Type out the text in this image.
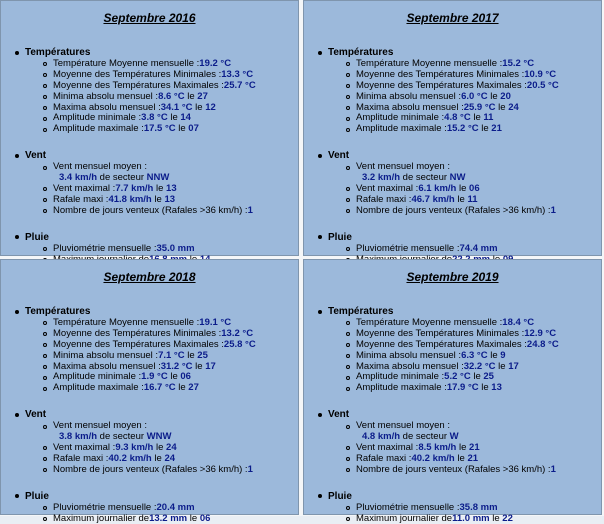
Septembre 2016
Températures
Température Moyenne mensuelle : 19.2 °C
Moyenne des Températures Minimales : 13.3 °C
Moyenne des Températures Maximales : 25.7 °C
Minima absolu mensuel : 8.6 °C le 27
Maxima absolu mensuel : 34.1 °C le 12
Amplitude minimale : 3.8 °C le 14
Amplitude maximale : 17.5 °C le 07
Vent
Vent mensuel moyen :
3.4 km/h de secteur NNW
Vent maximal : 7.7 km/h le 13
Rafale maxi : 41.8 km/h le 13
Nombre de jours venteux (Rafales >36 km/h) : 1
Pluie
Pluviométrie mensuelle : 35.0 mm
Septembre 2017
Températures
Température Moyenne mensuelle : 15.2 °C
Moyenne des Températures Minimales : 10.9 °C
Moyenne des Températures Maximales : 20.5 °C
Minima absolu mensuel : 6.0 °C le 20
Maxima absolu mensuel : 25.9 °C le 24
Amplitude minimale : 4.8 °C le 11
Amplitude maximale : 15.2 °C le 21
Vent
Vent mensuel moyen :
3.2 km/h de secteur NW
Vent maximal : 6.1 km/h le 06
Rafale maxi : 46.7 km/h le 11
Nombre de jours venteux (Rafales >36 km/h) : 1
Pluie
Pluviométrie mensuelle : 74.4 mm
Septembre 2018
Températures
Température Moyenne mensuelle : 19.1 °C
Moyenne des Températures Minimales : 13.2 °C
Moyenne des Températures Maximales : 25.8 °C
Minima absolu mensuel : 7.1 °C le 25
Maxima absolu mensuel : 31.2 °C le 17
Amplitude minimale : 1.9 °C le 06
Amplitude maximale : 16.7 °C le 27
Vent
Vent mensuel moyen :
3.8 km/h de secteur WNW
Vent maximal : 9.3 km/h le 24
Rafale maxi : 40.2 km/h le 24
Nombre de jours venteux (Rafales >36 km/h) : 1
Pluie
Pluviométrie mensuelle : 20.4 mm
Maximum journalier de 13.2 mm le 06
Septembre 2019
Températures
Température Moyenne mensuelle : 18.4 °C
Moyenne des Températures Minimales : 12.9 °C
Moyenne des Températures Maximales : 24.8 °C
Minima absolu mensuel : 6.3 °C le 9
Maxima absolu mensuel : 32.2 °C le 17
Amplitude minimale : 5.2 °C le 25
Amplitude maximale : 17.9 °C le 13
Vent
Vent mensuel moyen :
4.8 km/h de secteur W
Vent maximal : 8.5 km/h le 21
Rafale maxi : 40.2 km/h le 21
Nombre de jours venteux (Rafales >36 km/h) : 1
Pluie
Pluviométrie mensuelle : 35.8 mm
Maximum journalier de 11.0 mm le 22
